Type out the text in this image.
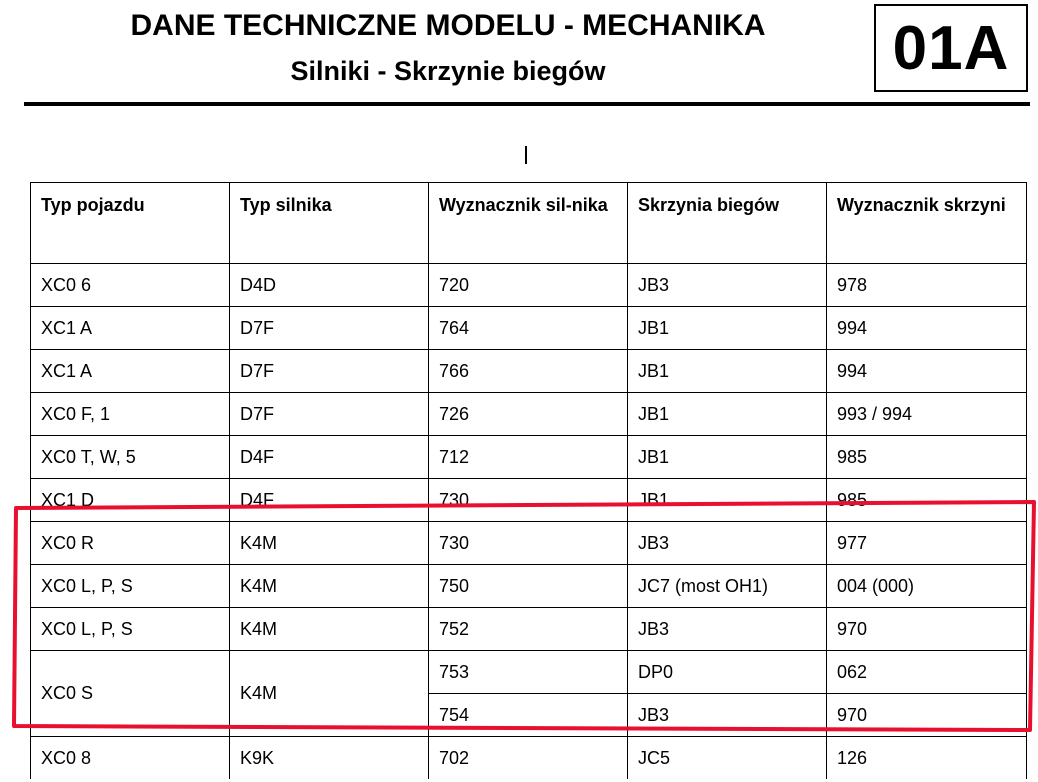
DANE TECHNICZNE MODELU - MECHANIKA
Silniki - Skrzynie biegów	01A
Typ pojazdu	Typ silnika	Wyznacznik sil-nika	Skrzynia biegów	Wyznacznik skrzyni
XC0 6	D4D	720	JB3	978
XC1 A	D7F	764	JB1	994
XC1 A	D7F	766	JB1	994
XC0 F, 1	D7F	726	JB1	993 / 994
XC0 T, W, 5	D4F	712	JB1	985
XC1 D	D4F	730	JB1	985
XC0 R	K4M	730	JB3	977
XC0 L, P, S	K4M	750	JC7 (most OH1)	004 (000)
XC0 L, P, S	K4M	752	JB3	970
XC0 S	K4M	753	DP0	062
		754	JB3	970
XC0 8	K9K	702	JC5	126
